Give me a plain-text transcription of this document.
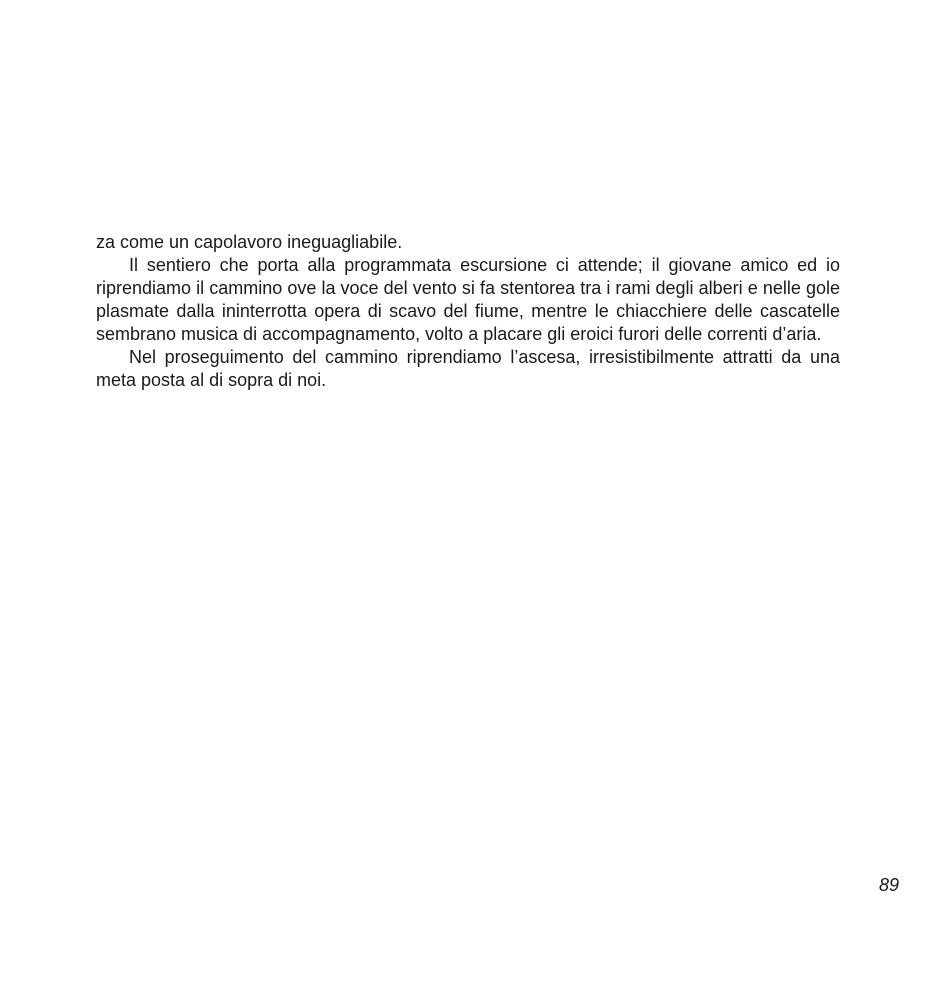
za come un capolavoro ineguagliabile.

Il sentiero che porta alla programmata escursione ci attende; il giovane amico ed io riprendiamo il cammino ove la voce del vento si fa stentorea tra i rami degli alberi e nelle gole plasmate dalla ininterrotta opera di scavo del fiume, mentre le chiacchiere delle cascatelle sembrano musica di accompagnamento, volto a placare gli eroici furori delle correnti d’aria.

Nel proseguimento del cammino riprendiamo l’ascesa, irresistibilmente attratti da una meta posta al di sopra di noi.

89
